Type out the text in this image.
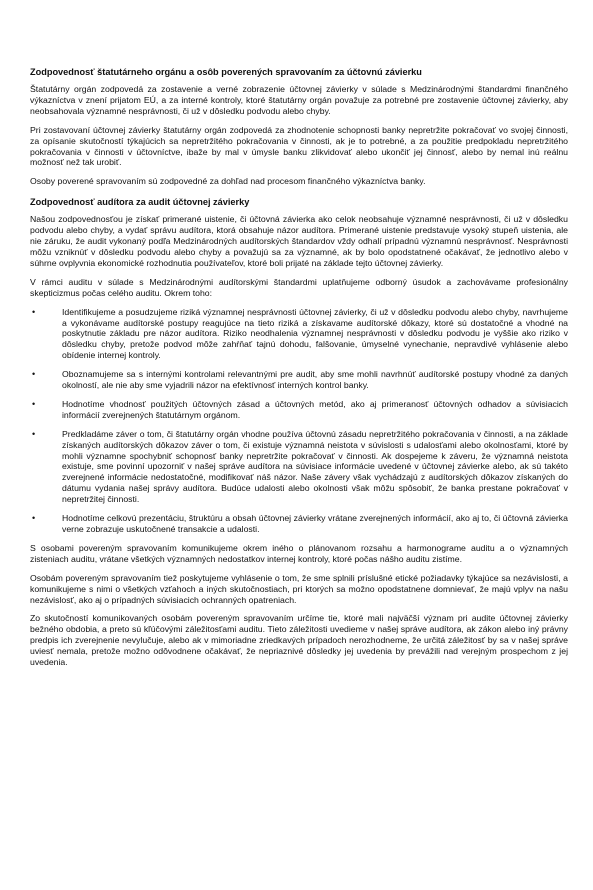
Zodpovednosť štatutárneho orgánu a osôb poverených spravovaním za účtovnú závierku

Štatutárny orgán zodpovedá za zostavenie a verné zobrazenie účtovnej závierky v súlade s Medzinárodnými štandardmi finančného výkazníctva v znení prijatom EÚ, a za interné kontroly, ktoré štatutárny orgán považuje za potrebné pre zostavenie účtovnej závierky, aby neobsahovala významné nesprávnosti, či už v dôsledku podvodu alebo chyby.

Pri zostavovaní účtovnej závierky štatutárny orgán zodpovedá za zhodnotenie schopnosti banky nepretržite pokračovať vo svojej činnosti, za opísanie skutočností týkajúcich sa nepretržitého pokračovania v činnosti, ak je to potrebné, a za použitie predpokladu nepretržitého pokračovania v činnosti v účtovníctve, ibaže by mal v úmysle banku zlikvidovať alebo ukončiť jej činnosť, alebo by nemal inú reálnu možnosť než tak urobiť.

Osoby poverené spravovaním sú zodpovedné za dohľad nad procesom finančného výkazníctva banky.

Zodpovednosť audítora za audit účtovnej závierky

Našou zodpovednosťou je získať primerané uistenie, či účtovná závierka ako celok neobsahuje významné nesprávnosti, či už v dôsledku podvodu alebo chyby, a vydať správu audítora, ktorá obsahuje názor audítora. Primerané uistenie predstavuje vysoký stupeň uistenia, ale nie záruku, že audit vykonaný podľa Medzinárodných audítorských štandardov vždy odhalí prípadnú významnú nesprávnosť. Nesprávnosti môžu vzniknúť v dôsledku podvodu alebo chyby a považujú sa za významné, ak by bolo opodstatnené očakávať, že jednotlivo alebo v súhrne ovplyvnia ekonomické rozhodnutia používateľov, ktoré boli prijaté na základe tejto účtovnej závierky.

V rámci auditu v súlade s Medzinárodnými audítorskými štandardmi uplatňujeme odborný úsudok a zachovávame profesionálny skepticizmus počas celého auditu. Okrem toho:

•	Identifikujeme a posudzujeme riziká významnej nesprávnosti účtovnej závierky, či už v dôsledku podvodu alebo chyby, navrhujeme a vykonávame audítorské postupy reagujúce na tieto riziká a získavame audítorské dôkazy, ktoré sú dostatočné a vhodné na poskytnutie základu pre názor audítora. Riziko neodhalenia významnej nesprávnosti v dôsledku podvodu je vyššie ako riziko v dôsledku chyby, pretože podvod môže zahŕňať tajnú dohodu, falšovanie, úmyselné vynechanie, nepravdivé vyhlásenie alebo obídenie internej kontroly.
•	Oboznamujeme sa s internými kontrolami relevantnými pre audit, aby sme mohli navrhnúť audítorské postupy vhodné za daných okolností, ale nie aby sme vyjadrili názor na efektívnosť interných kontrol banky.
•	Hodnotíme vhodnosť použitých účtovných zásad a účtovných metód, ako aj primeranosť účtovných odhadov a súvisiacich informácií zverejnených štatutárnym orgánom.
•	Predkladáme záver o tom, či štatutárny orgán vhodne používa účtovnú zásadu nepretržitého pokračovania v činnosti, a na základe získaných audítorských dôkazov záver o tom, či existuje významná neistota v súvislosti s udalosťami alebo okolnosťami, ktoré by mohli významne spochybniť schopnosť banky nepretržite pokračovať v činnosti. Ak dospejeme k záveru, že významná neistota existuje, sme povinní upozorniť v našej správe audítora na súvisiace informácie uvedené v účtovnej závierke alebo, ak sú takéto zverejnené informácie nedostatočné, modifikovať náš názor. Naše závery však vychádzajú z audítorských dôkazov získaných do dátumu vydania našej správy audítora. Budúce udalosti alebo okolnosti však môžu spôsobiť, že banka prestane pokračovať v nepretržitej činnosti.
•	Hodnotíme celkovú prezentáciu, štruktúru a obsah účtovnej závierky vrátane zverejnených informácií, ako aj to, či účtovná závierka verne zobrazuje uskutočnené transakcie a udalosti.

S osobami povereným spravovaním komunikujeme okrem iného o plánovanom rozsahu a harmonograme auditu a o významných zisteniach auditu, vrátane všetkých významných nedostatkov internej kontroly, ktoré počas nášho auditu zistíme.

Osobám povereným spravovaním tiež poskytujeme vyhlásenie o tom, že sme splnili príslušné etické požiadavky týkajúce sa nezávislosti, a komunikujeme s nimi o všetkých vzťahoch a iných skutočnostiach, pri ktorých sa možno opodstatnene domnievať, že majú vplyv na našu nezávislosť, ako aj o prípadných súvisiacich ochranných opatreniach.

Zo skutočností komunikovaných osobám povereným spravovaním určíme tie, ktoré mali najväčší význam pri audite účtovnej závierky bežného obdobia, a preto sú kľúčovými záležitosťami auditu. Tieto záležitosti uvedieme v našej správe audítora, ak zákon alebo iný právny predpis ich zverejnenie nevylučuje, alebo ak v mimoriadne zriedkavých prípadoch nerozhodneme, že určitá záležitosť by sa v našej správe uviesť nemala, pretože možno odôvodnene očakávať, že nepriaznivé dôsledky jej uvedenia by prevážili nad verejným prospechom z jej uvedenia.
